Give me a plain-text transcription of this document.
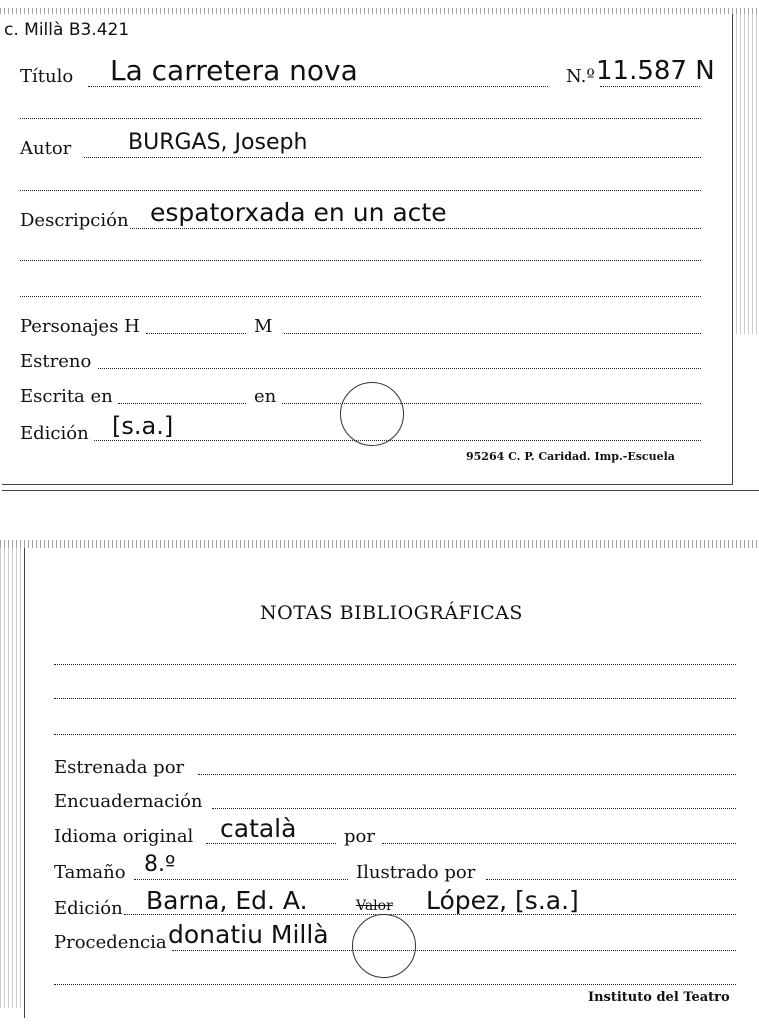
c. Millà B3.421
Título La carretera nova	N.º 11.587 N
Autor	BURGAS, Joseph
Descripción espatorxada en un acte
Personajes H	M
Estreno
Escrita en	en
Edición [s.a.]
95264 C. P. Caridad. Imp.-Escuela
NOTAS BIBLIOGRÁFICAS
Estrenada por
Encuadernación
Idioma original català	por
Tamaño 8.º	Ilustrado por
Edición Barna, Ed. A.	Valor López, [s.a.]
Procedencia donatiu Millà
Instituto del Teatro
